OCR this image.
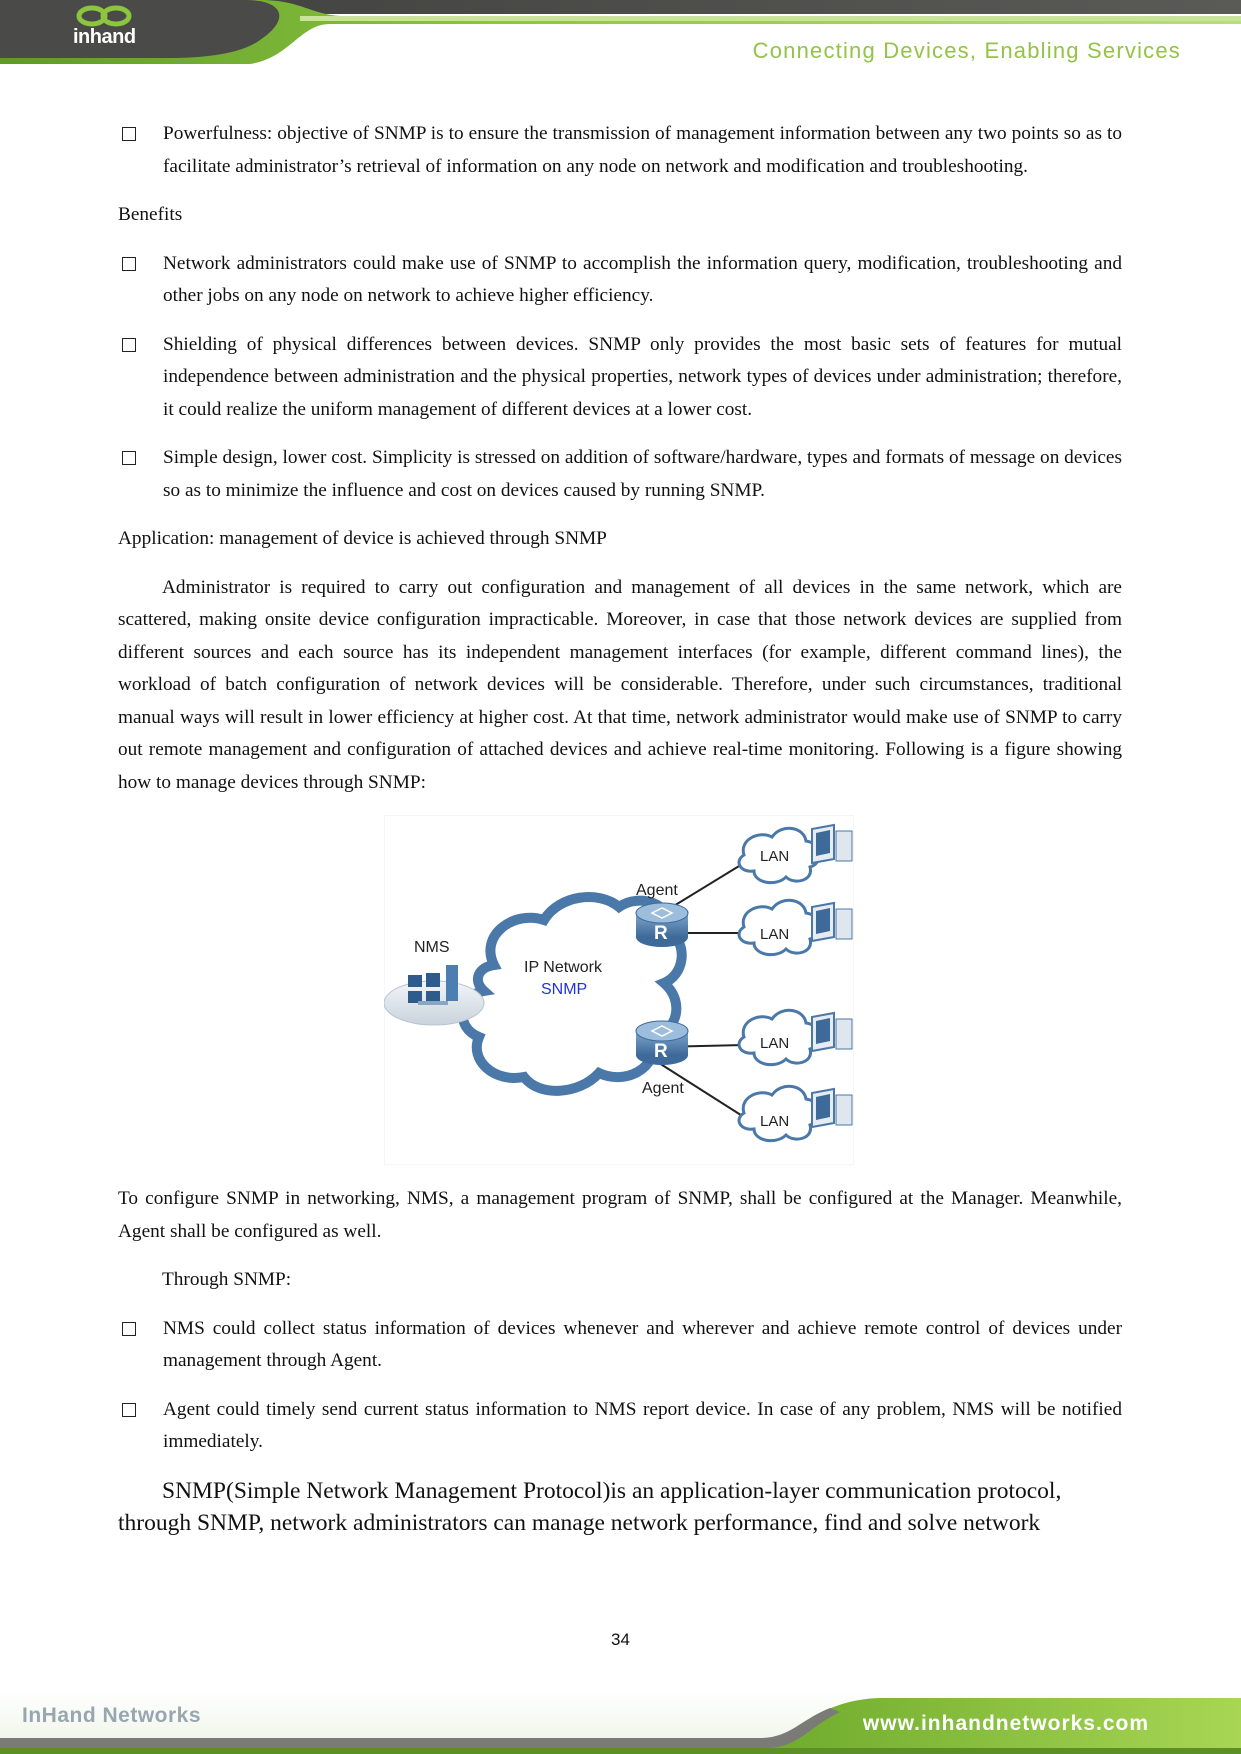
inhand
Connecting Devices, Enabling Services
Powerfulness: objective of SNMP is to ensure the transmission of management information between any two points so as to facilitate administrator’s retrieval of information on any node on network and modification and troubleshooting.

Benefits

Network administrators could make use of SNMP to accomplish the information query, modification, troubleshooting and other jobs on any node on network to achieve higher efficiency.
Shielding of physical differences between devices. SNMP only provides the most basic sets of features for mutual independence between administration and the physical properties, network types of devices under administration; therefore, it could realize the uniform management of different devices at a lower cost.
Simple design, lower cost. Simplicity is stressed on addition of software/hardware, types and formats of message on devices so as to minimize the influence and cost on devices caused by running SNMP.

Application: management of device is achieved through SNMP

Administrator is required to carry out configuration and management of all devices in the same network, which are scattered, making onsite device configuration impracticable. Moreover, in case that those network devices are supplied from different sources and each source has its independent management interfaces (for example, different command lines), the workload of batch configuration of network devices will be considerable. Therefore, under such circumstances, traditional manual ways will result in lower efficiency at higher cost. At that time, network administrator would make use of SNMP to carry out remote management and configuration of attached devices and achieve real-time monitoring. Following is a figure showing how to manage devices through SNMP:

NMS
IP Network
SNMP
R
Agent
R
Agent
LAN
LAN
LAN
LAN

To configure SNMP in networking, NMS, a management program of SNMP, shall be configured at the Manager. Meanwhile, Agent shall be configured as well.

Through SNMP:

NMS could collect status information of devices whenever and wherever and achieve remote control of devices under management through Agent.
Agent could timely send current status information to NMS report device. In case of any problem, NMS will be notified immediately.

SNMP(Simple Network Management Protocol)is an application-layer communication protocol, through SNMP, network administrators can manage network performance, find and solve network

34
InHand Networks	www.inhandnetworks.com
